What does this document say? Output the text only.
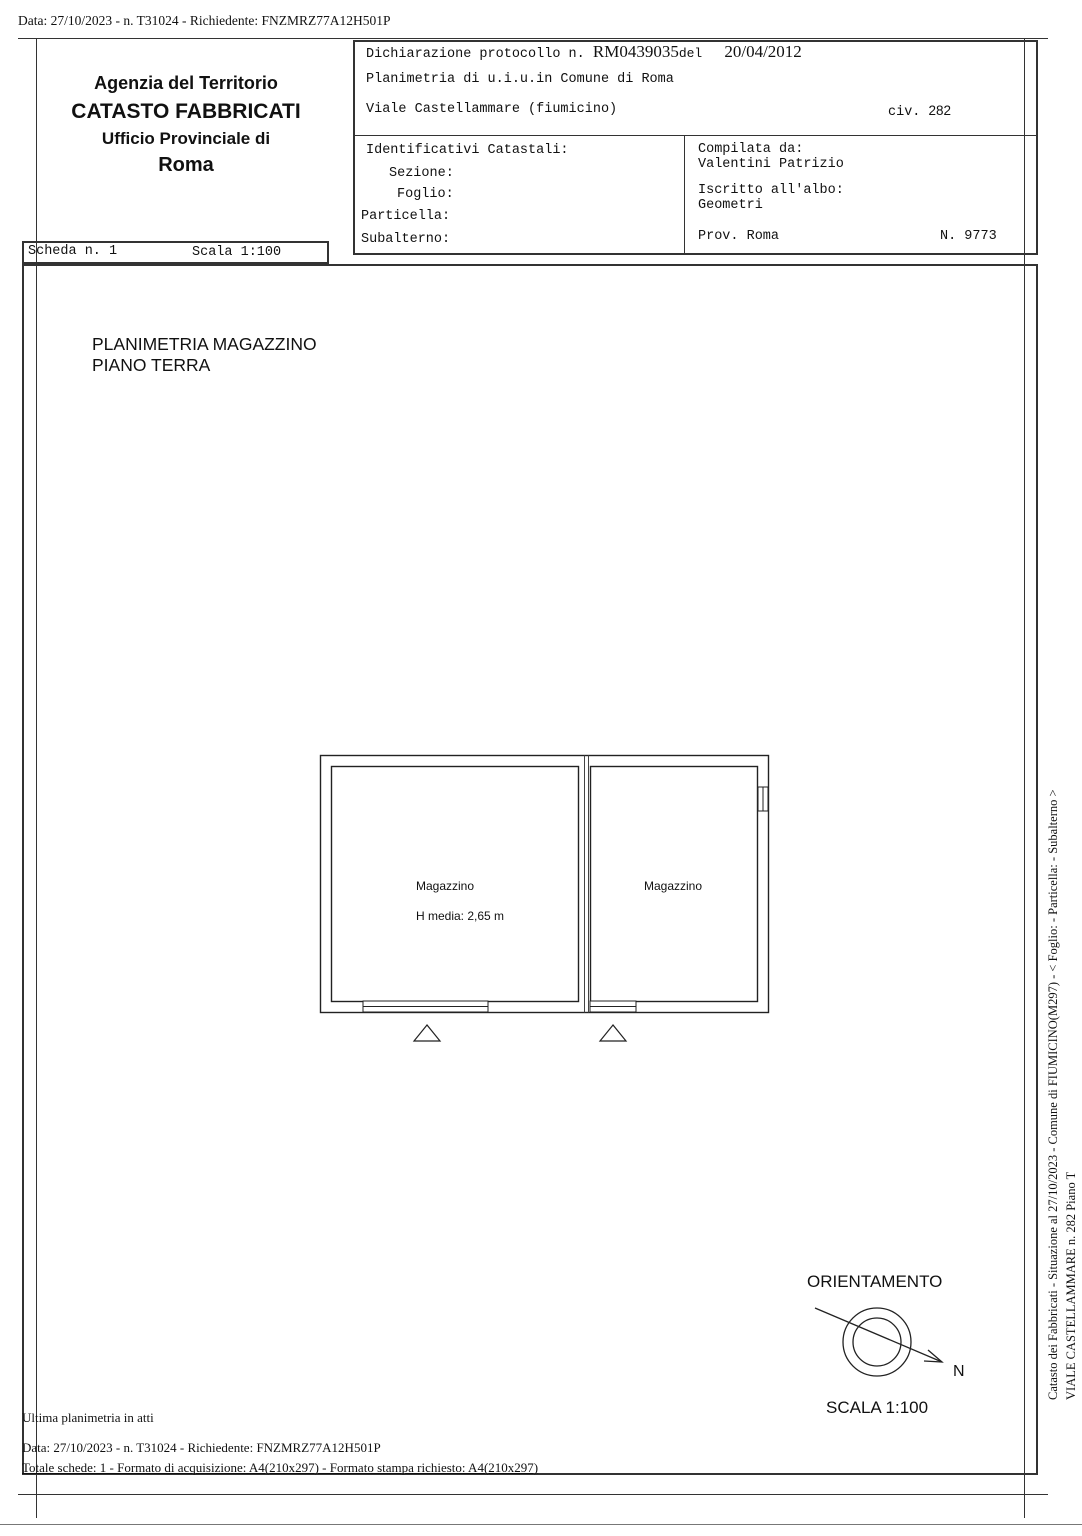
Data: 27/10/2023 - n. T31024 - Richiedente: FNZMRZ77A12H501P
Agenzia del Territorio
CATASTO FABBRICATI
Ufficio Provinciale di
Roma
Dichiarazione protocollo n. RM0439035del 20/04/2012
Planimetria di u.i.u.in Comune di Roma
Viale Castellammare (fiumicino)	civ. 282
Identificativi Catastali:
Sezione:
Foglio:
Particella:
Subalterno:
Compilata da:
Valentini Patrizio
Iscritto all'albo:
Geometri
Prov. Roma	N. 9773
Scheda n. 1	Scala 1:100
PLANIMETRIA MAGAZZINO
PIANO TERRA
Magazzino
H media: 2,65 m
Magazzino
ORIENTAMENTO
N
SCALA 1:100
Ultima planimetria in atti
Data: 27/10/2023 - n. T31024 - Richiedente: FNZMRZ77A12H501P
Totale schede: 1 - Formato di acquisizione: A4(210x297) - Formato stampa richiesto: A4(210x297)
Catasto dei Fabbricati - Situazione al 27/10/2023 - Comune di FIUMICINO(M297) - < Foglio: - Particella: - Subalterno > VIALE CASTELLAMMARE n. 282 Piano T
